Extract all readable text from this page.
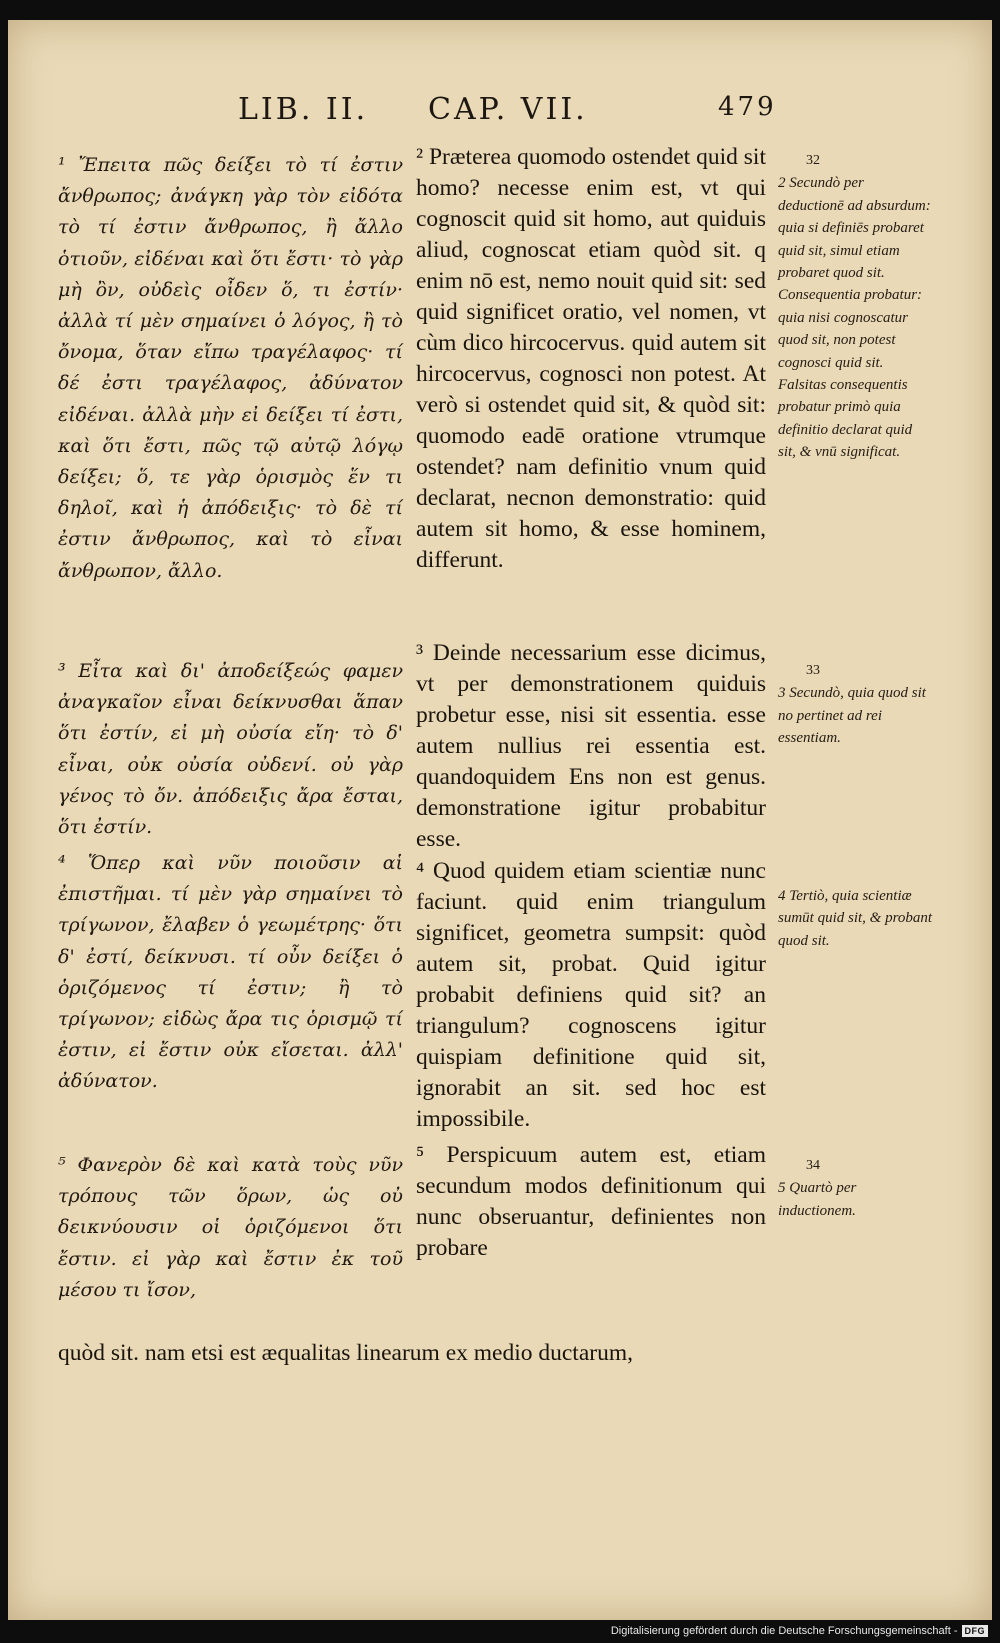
LIB. II. CAP. VII.	479

¹ Ἔπειτα πῶς δείξει τὸ τί ἐστιν ἄνθρωπος; ἀνάγκη γὰρ τὸν εἰδότα τὸ τί ἐστιν ἄνθρωπος, ἢ ἄλλο ὁτιοῦν, εἰδέναι καὶ ὅτι ἔστι· τὸ γὰρ μὴ ὂν, οὐδεὶς οἶδεν ὅ, τι ἐστίν· ἀλλὰ τί μὲν σημαίνει ὁ λόγος, ἢ τὸ ὄνομα, ὅταν εἴπω τραγέλαφος· τί δέ ἐστι τραγέλαφος, ἀδύνατον εἰδέναι. ἀλλὰ μὴν εἰ δείξει τί ἐστι, καὶ ὅτι ἔστι, πῶς τῷ αὐτῷ λόγῳ δείξει; ὅ, τε γὰρ ὁρισμὸς ἕν τι δηλοῖ, καὶ ἡ ἀπόδειξις· τὸ δὲ τί ἐστιν ἄνθρωπος, καὶ τὸ εἶναι ἄνθρωπον, ἄλλο.

³ Εἶτα καὶ δι' ἀποδείξεώς φαμεν ἀναγκαῖον εἶναι δείκνυσθαι ἅπαν ὅτι ἐστίν, εἰ μὴ οὐσία εἴη· τὸ δ' εἶναι, οὐκ οὐσία οὐδενί. οὐ γὰρ γένος τὸ ὄν. ἀπόδειξις ἄρα ἔσται, ὅτι ἐστίν.

⁴ Ὅπερ καὶ νῦν ποιοῦσιν αἱ ἐπιστῆμαι. τί μὲν γὰρ σημαίνει τὸ τρίγωνον, ἔλαβεν ὁ γεωμέτρης· ὅτι δ' ἐστί, δείκνυσι. τί οὖν δείξει ὁ ὁριζόμενος τί ἐστιν; ἢ τὸ τρίγωνον; εἰδὼς ἄρα τις ὁρισμῷ τί ἐστιν, εἰ ἔστιν οὐκ εἴσεται. ἀλλ' ἀδύνατον.

⁵ Φανερὸν δὲ καὶ κατὰ τοὺς νῦν τρόπους τῶν ὅρων, ὡς οὐ δεικνύουσιν οἱ ὁριζόμενοι ὅτι ἔστιν. εἰ γὰρ καὶ ἔστιν ἐκ τοῦ μέσου τι ἴσον,

² Præterea quomodo ostendet quid sit homo? necesse enim est, vt qui cognoscit quid sit homo, aut quiduis aliud, cognoscat etiam quòd sit. q enim nō est, nemo nouit quid sit: sed quid significet oratio, vel nomen, vt cùm dico hircocervus. quid autem sit hircocervus, cognosci non potest. At verò si ostendet quid sit, & quòd sit: quomodo eadē oratione vtrumque ostendet? nam definitio vnum quid declarat, necnon demonstratio: quid autem sit homo, & esse hominem, differunt.

³ Deinde necessarium esse dicimus, vt per demonstrationem quiduis probetur esse, nisi sit essentia. esse autem nullius rei essentia est. quandoquidem Ens non est genus. demonstratione igitur probabitur esse.

⁴ Quod quidem etiam scientiæ nunc faciunt. quid enim triangulum significet, geometra sumpsit: quòd autem sit, probat. Quid igitur probabit definiens quid sit? an triangulum? cognoscens igitur quispiam definitione quid sit, ignorabit an sit. sed hoc est impossibile.

⁵ Perspicuum autem est, etiam secundum modos definitionum qui nunc obseruantur, definientes non probare

32
2 Secundò per deductionē ad absurdum: quia si definiēs probaret quid sit, simul etiam probaret quod sit. Consequentia probatur: quia nisi cognoscatur quod sit, non potest cognosci quid sit. Falsitas consequentis probatur primò quia definitio declarat quid sit, & vnū significat.
33
3 Secundò, quia quod sit no pertinet ad rei essentiam.
4 Tertiò, quia scientiæ sumūt quid sit, & probant quod sit.
34
5 Quartò per inductionem.
quòd sit. nam etsi est æqualitas linearum ex medio ductarum,
Digitalisierung gefördert durch die Deutsche Forschungsgemeinschaft - DFG
